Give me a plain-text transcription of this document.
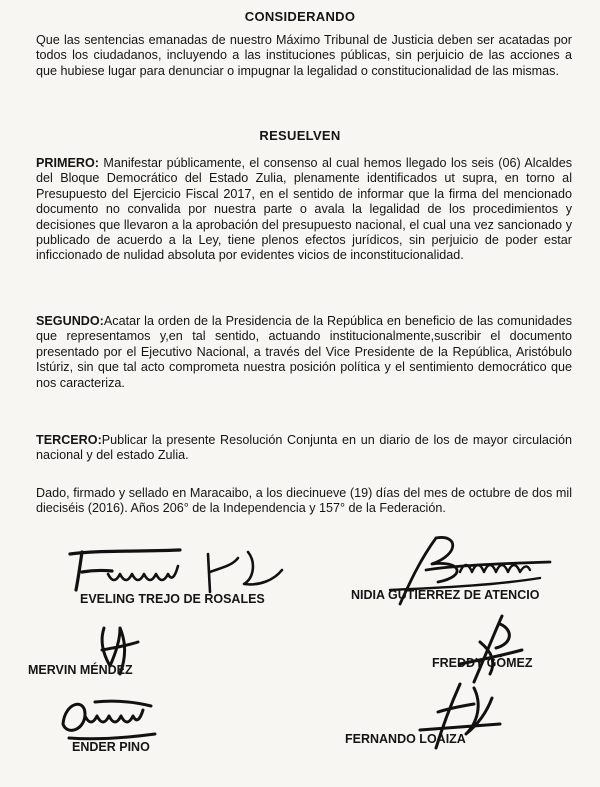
CONSIDERANDO
Que las sentencias emanadas de nuestro Máximo Tribunal de Justicia deben ser acatadas por todos los ciudadanos, incluyendo a las instituciones públicas, sin perjuicio de las acciones a que hubiese lugar para denunciar o impugnar la legalidad o constitucionalidad de las mismas.
RESUELVEN
PRIMERO: Manifestar públicamente, el consenso al cual hemos llegado los seis (06) Alcaldes del Bloque Democrático del Estado Zulia, plenamente identificados ut supra, en torno al Presupuesto del Ejercicio Fiscal 2017, en el sentido de informar que la firma del mencionado documento no convalida por nuestra parte o avala la legalidad de los procedimientos y decisiones que llevaron a la aprobación del presupuesto nacional, el cual una vez sancionado y publicado de acuerdo a la Ley, tiene plenos efectos jurídicos, sin perjuicio de poder estar inficcionado de nulidad absoluta por evidentes vicios de inconstitucionalidad.
SEGUNDO:Acatar la orden de la Presidencia de la República en beneficio de las comunidades que representamos y,en tal sentido, actuando institucionalmente,suscribir el documento presentado por el Ejecutivo Nacional, a través del Vice Presidente de la República, Aristóbulo Istúriz, sin que tal acto comprometa nuestra posición política y el sentimiento democrático que nos caracteriza.
TERCERO:Publicar la presente Resolución Conjunta en un diario de los de mayor circulación nacional y del estado Zulia.
Dado, firmado y sellado en Maracaibo, a los diecinueve (19) días del mes de octubre de dos mil dieciséis (2016). Años 206° de la Independencia y 157° de la Federación.
EVELING TREJO DE ROSALES	NIDIA GUTIÉRREZ DE ATENCIO
MERVIN MÉNDEZ	FREDDY GÓMEZ
ENDER PINO
FERNANDO LOAIZA
